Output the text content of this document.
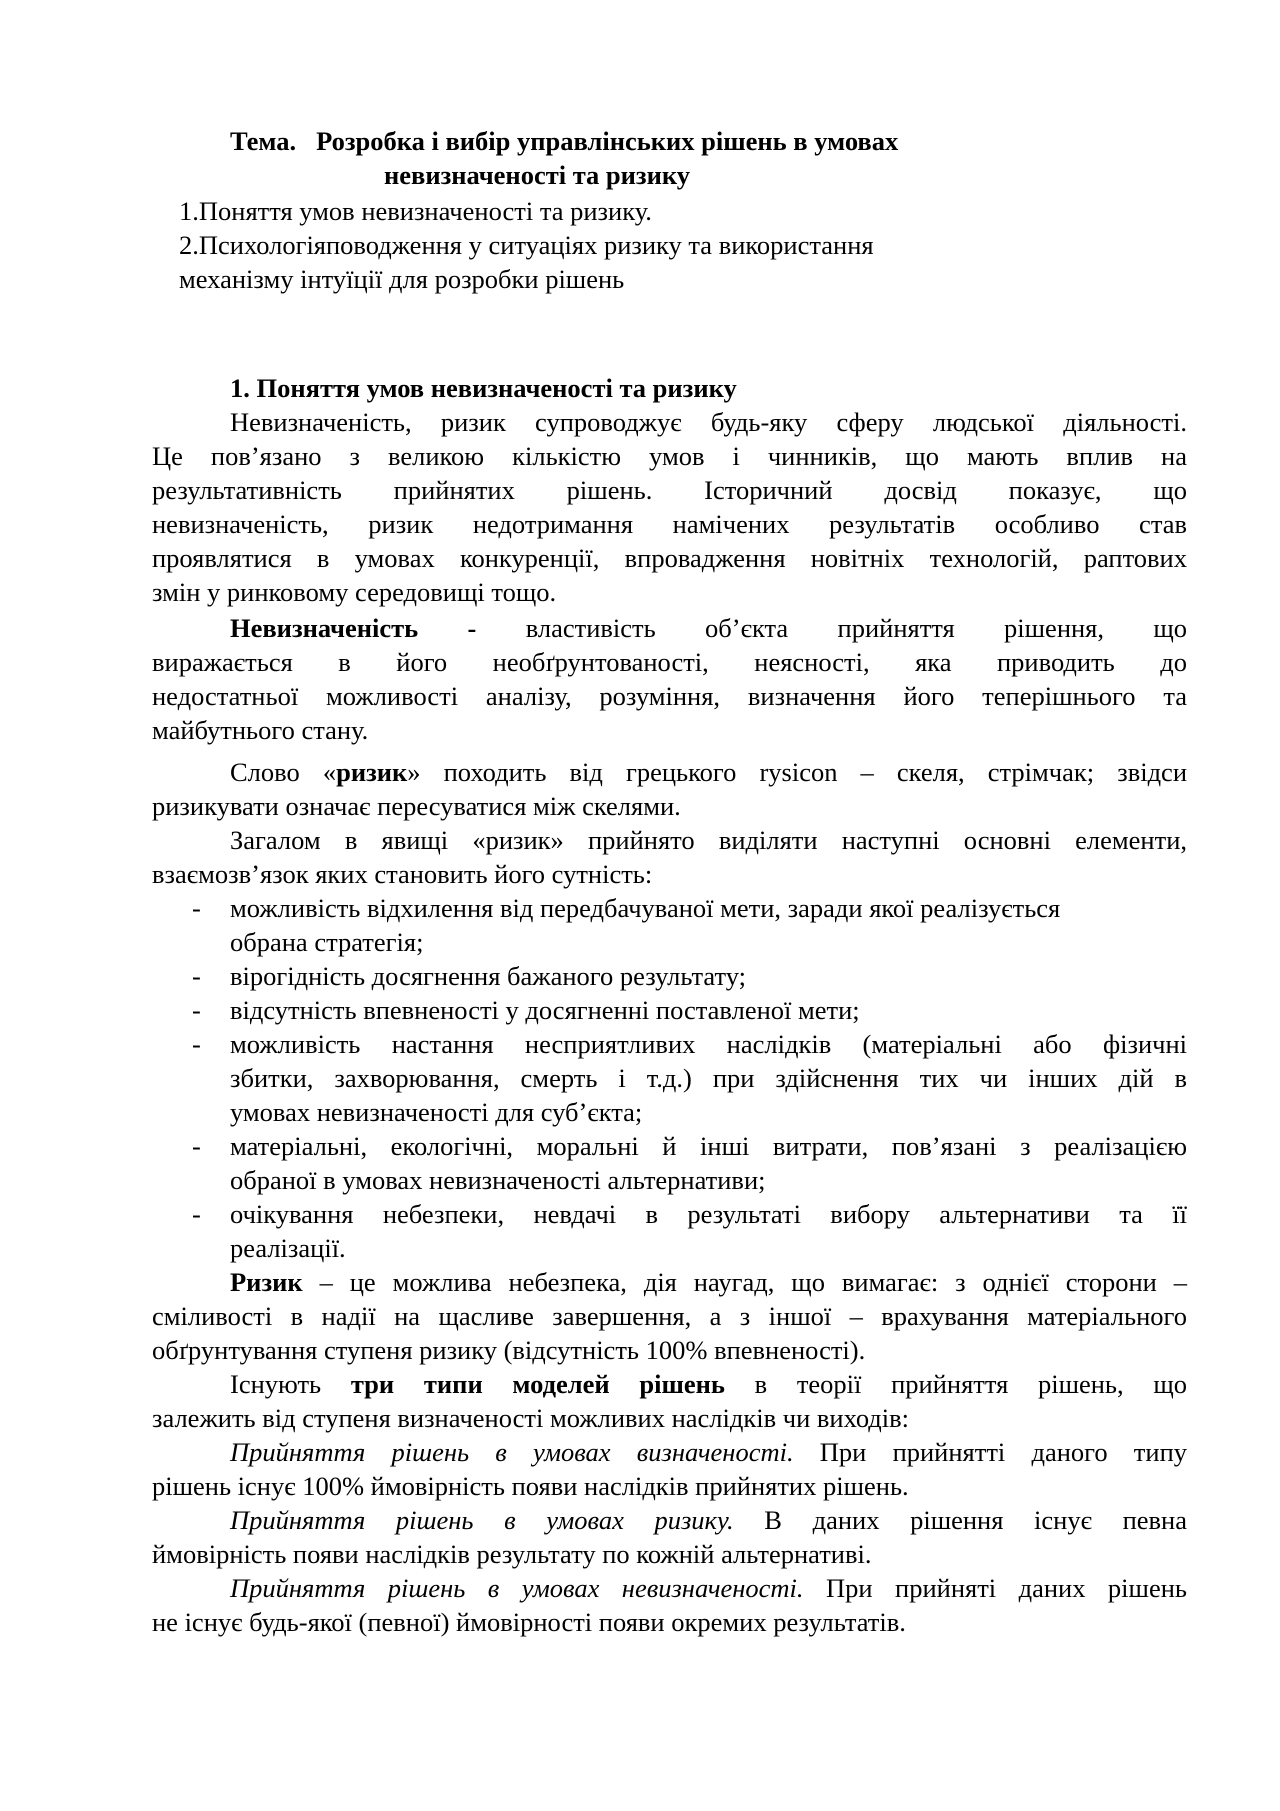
Тема. Розробка і вибір управлінських рішень в умовах
невизначеності та ризику
1.Поняття умов невизначеності та ризику.
2.Психологіяповодження у ситуаціях ризику та використання
механізму інтуїції для розробки рішень
1. Поняття умов невизначеності та ризику
Невизначеність, ризик супроводжує будь-яку сферу людської діяльності.
Це пов’язано з великою кількістю умов і чинників, що мають вплив на
результативність прийнятих рішень. Історичний досвід показує, що
невизначеність, ризик недотримання намічених результатів особливо став
проявлятися в умовах конкуренції, впровадження новітніх технологій, раптових
змін у ринковому середовищі тощо.
Невизначеність - властивість об’єкта прийняття рішення, що
виражається в його необґрунтованості, неясності, яка приводить до
недостатньої можливості аналізу, розуміння, визначення його теперішнього та
майбутнього стану.
Слово «ризик» походить від грецького rysicon – скеля, стрімчак; звідси
ризикувати означає пересуватися між скелями.
Загалом в явищі «ризик» прийнято виділяти наступні основні елементи,
взаємозв’язок яких становить його сутність:
- можливість відхилення від передбачуваної мети, заради якої реалізується
обрана стратегія;
- вірогідність досягнення бажаного результату;
- відсутність впевненості у досягненні поставленої мети;
- можливість настання несприятливих наслідків (матеріальні або фізичні
збитки, захворювання, смерть і т.д.) при здійснення тих чи інших дій в
умовах невизначеності для суб’єкта;
- матеріальні, екологічні, моральні й інші витрати, пов’язані з реалізацією
обраної в умовах невизначеності альтернативи;
- очікування небезпеки, невдачі в результаті вибору альтернативи та її
реалізації.
Ризик – це можлива небезпека, дія наугад, що вимагає: з однієї сторони –
сміливості в надії на щасливе завершення, а з іншої – врахування матеріального
обґрунтування ступеня ризику (відсутність 100% впевненості).
Існують три типи моделей рішень в теорії прийняття рішень, що
залежить від ступеня визначеності можливих наслідків чи виходів:
Прийняття рішень в умовах визначеності. При прийнятті даного типу
рішень існує 100% ймовірність появи наслідків прийнятих рішень.
Прийняття рішень в умовах ризику. В даних рішення існує певна
ймовірність появи наслідків результату по кожній альтернативі.
Прийняття рішень в умовах невизначеності. При прийняті даних рішень
не існує будь-якої (певної) ймовірності появи окремих результатів.
